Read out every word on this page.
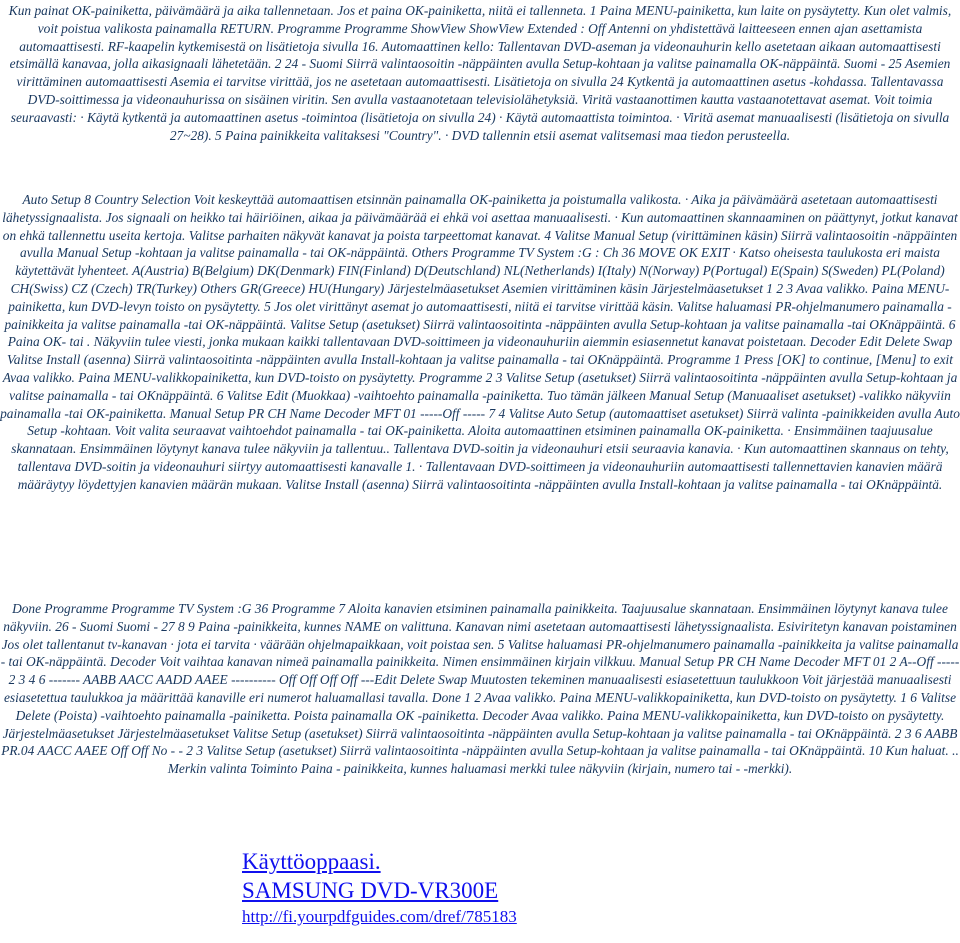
Kun painat OK-painiketta, päivämäärä ja aika tallennetaan. Jos et paina OK-painiketta, niitä ei tallenneta. 1 Paina MENU-painiketta, kun laite on pysäytetty. Kun olet valmis, voit poistua valikosta painamalla RETURN. Programme Programme ShowView ShowView Extended : Off Antenni on yhdistettävä laitteeseen ennen ajan asettamista automaattisesti. RF-kaapelin kytkemisestä on lisätietoja sivulla 16. Automaattinen kello: Tallentavan DVD-aseman ja videonauhurin kello asetetaan aikaan automaattisesti etsimällä kanavaa, jolla aikasignaali lähetetään. 2 24 - Suomi Siirrä valintaosoitin -näppäinten avulla Setup-kohtaan ja valitse painamalla OK-näppäintä. Suomi - 25 Asemien virittäminen automaattisesti Asemia ei tarvitse virittää, jos ne asetetaan automaattisesti. Lisätietoja on sivulla 24 Kytkentä ja automaattinen asetus -kohdassa. Tallentavassa DVD-soittimessa ja videonauhurissa on sisäinen viritin. Sen avulla vastaanotetaan televisiolähetyksiä. Viritä vastaanottimen kautta vastaanotettavat asemat. Voit toimia seuraavasti: · Käytä kytkentä ja automaattinen asetus -toimintoa (lisätietoja on sivulla 24) · Käytä automaattista toimintoa. · Viritä asemat manuaalisesti (lisätietoja on sivulla 27~28). 5 Paina painikkeita valitaksesi "Country". · DVD tallennin etsii asemat valitsemasi maa tiedon perusteella.

Auto Setup 8 Country Selection Voit keskeyttää automaattisen etsinnän painamalla OK-painiketta ja poistumalla valikosta. · Aika ja päivämäärä asetetaan automaattisesti lähetyssignaalista. Jos signaali on heikko tai häiriöinen, aikaa ja päivämäärää ei ehkä voi asettaa manuaalisesti. · Kun automaattinen skannaaminen on päättynyt, jotkut kanavat on ehkä tallennettu useita kertoja. Valitse parhaiten näkyvät kanavat ja poista tarpeettomat kanavat. 4 Valitse Manual Setup (virittäminen käsin) Siirrä valintaosoitin -näppäinten avulla Manual Setup -kohtaan ja valitse painamalla - tai OK-näppäintä. Others Programme TV System :G : Ch 36 MOVE OK EXIT · Katso oheisesta taulukosta eri maista käytettävät lyhenteet. A(Austria) B(Belgium) DK(Denmark) FIN(Finland) D(Deutschland) NL(Netherlands) I(Italy) N(Norway) P(Portugal) E(Spain) S(Sweden) PL(Poland) CH(Swiss) CZ (Czech) TR(Turkey) Others GR(Greece) HU(Hungary) Järjestelmäasetukset Asemien virittäminen käsin Järjestelmäasetukset 1 2 3 Avaa valikko. Paina MENU-painiketta, kun DVD-levyn toisto on pysäytetty. 5 Jos olet virittänyt asemat jo automaattisesti, niitä ei tarvitse virittää käsin. Valitse haluamasi PR-ohjelmanumero painamalla -painikkeita ja valitse painamalla -tai OK-näppäintä. Valitse Setup (asetukset) Siirrä valintaosoitinta -näppäinten avulla Setup-kohtaan ja valitse painamalla -tai OKnäppäintä. 6 Paina OK- tai . Näkyviin tulee viesti, jonka mukaan kaikki tallentavaan DVD-soittimeen ja videonauhuriin aiemmin esiasennetut kanavat poistetaan. Decoder Edit Delete Swap Valitse Install (asenna) Siirrä valintaosoitinta -näppäinten avulla Install-kohtaan ja valitse painamalla - tai OKnäppäintä. Programme 1 Press [OK] to continue, [Menu] to exit Avaa valikko. Paina MENU-valikkopainiketta, kun DVD-toisto on pysäytetty. Programme 2 3 Valitse Setup (asetukset) Siirrä valintaosoitinta -näppäinten avulla Setup-kohtaan ja valitse painamalla - tai OKnäppäintä. 6 Valitse Edit (Muokkaa) -vaihtoehto painamalla -painiketta. Tuo tämän jälkeen Manual Setup (Manuaaliset asetukset) -valikko näkyviin painamalla -tai OK-painiketta. Manual Setup PR CH Name Decoder MFT 01 -----Off ----- 7 4 Valitse Auto Setup (automaattiset asetukset) Siirrä valinta -painikkeiden avulla Auto Setup -kohtaan. Voit valita seuraavat vaihtoehdot painamalla - tai OK-painiketta. Aloita automaattinen etsiminen painamalla OK-painiketta. · Ensimmäinen taajuusalue skannataan. Ensimmäinen löytynyt kanava tulee näkyviin ja tallentuu.. Tallentava DVD-soitin ja videonauhuri etsii seuraavia kanavia. · Kun automaattinen skannaus on tehty, tallentava DVD-soitin ja videonauhuri siirtyy automaattisesti kanavalle 1. · Tallentavaan DVD-soittimeen ja videonauhuriin automaattisesti tallennettavien kanavien määrä määräytyy löydettyjen kanavien määrän mukaan. Valitse Install (asenna) Siirrä valintaosoitinta -näppäinten avulla Install-kohtaan ja valitse painamalla - tai OKnäppäintä.

Done Programme Programme TV System :G 36 Programme 7 Aloita kanavien etsiminen painamalla painikkeita. Taajuusalue skannataan. Ensimmäinen löytynyt kanava tulee näkyviin. 26 - Suomi Suomi - 27 8 9 Paina -painikkeita, kunnes NAME on valittuna. Kanavan nimi asetetaan automaattisesti lähetyssignaalista. Esiviritetyn kanavan poistaminen Jos olet tallentanut tv-kanavan · jota ei tarvita · väärään ohjelmapaikkaan, voit poistaa sen. 5 Valitse haluamasi PR-ohjelmanumero painamalla -painikkeita ja valitse painamalla - tai OK-näppäintä. Decoder Voit vaihtaa kanavan nimeä painamalla painikkeita. Nimen ensimmäinen kirjain vilkkuu. Manual Setup PR CH Name Decoder MFT 01 2 A--Off ----- 2 3 4 6 ------- AABB AACC AADD AAEE ---------- Off Off Off Off ---Edit Delete Swap Muutosten tekeminen manuaalisesti esiasetettuun taulukkoon Voit järjestää manuaalisesti esiasetettua taulukkoa ja määrittää kanaville eri numerot haluamallasi tavalla. Done 1 2 Avaa valikko. Paina MENU-valikkopainiketta, kun DVD-toisto on pysäytetty. 1 6 Valitse Delete (Poista) -vaihtoehto painamalla -painiketta. Poista painamalla OK -painiketta. Decoder Avaa valikko. Paina MENU-valikkopainiketta, kun DVD-toisto on pysäytetty. Järjestelmäasetukset Järjestelmäasetukset Valitse Setup (asetukset) Siirrä valintaosoitinta -näppäinten avulla Setup-kohtaan ja valitse painamalla - tai OKnäppäintä. 2 3 6 AABB PR.04 AACC AAEE Off Off No - - 2 3 Valitse Setup (asetukset) Siirrä valintaosoitinta -näppäinten avulla Setup-kohtaan ja valitse painamalla - tai OKnäppäintä. 10 Kun haluat. .. Merkin valinta Toiminto Paina - painikkeita, kunnes haluamasi merkki tulee näkyviin (kirjain, numero tai - -merkki).

Käyttöoppaasi.
SAMSUNG DVD-VR300E
http://fi.yourpdfguides.com/dref/785183
